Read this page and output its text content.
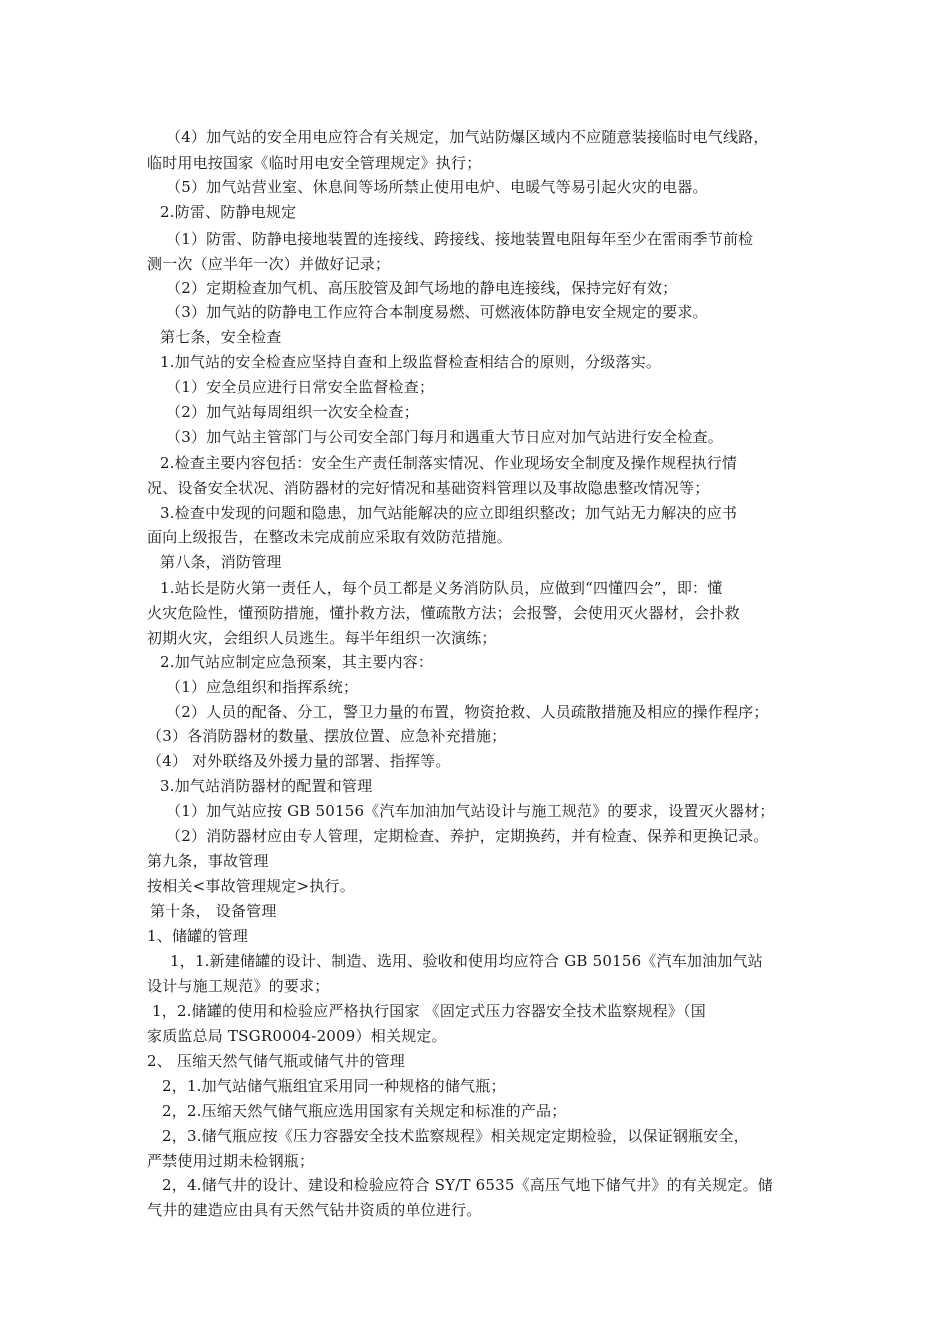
（4）加气站的安全用电应符合有关规定，加气站防爆区域内不应随意装接临时电气线路，
临时用电按国家《临时用电安全管理规定》执行；
（5）加气站营业室、休息间等场所禁止使用电炉、电暖气等易引起火灾的电器。
2.防雷、防静电规定
（1）防雷、防静电接地装置的连接线、跨接线、接地装置电阻每年至少在雷雨季节前检
测一次（应半年一次）并做好记录；
（2）定期检查加气机、高压胶管及卸气场地的静电连接线，保持完好有效；
（3）加气站的防静电工作应符合本制度易燃、可燃液体防静电安全规定的要求。
第七条，安全检查
1.加气站的安全检查应坚持自查和上级监督检查相结合的原则，分级落实。
（1）安全员应进行日常安全监督检查；
（2）加气站每周组织一次安全检查；
（3）加气站主管部门与公司安全部门每月和遇重大节日应对加气站进行安全检查。
2.检查主要内容包括：安全生产责任制落实情况、作业现场安全制度及操作规程执行情
况、设备安全状况、消防器材的完好情况和基础资料管理以及事故隐患整改情况等；
3.检查中发现的问题和隐患，加气站能解决的应立即组织整改；加气站无力解决的应书
面向上级报告，在整改未完成前应采取有效防范措施。
第八条，消防管理
1.站长是防火第一责任人，每个员工都是义务消防队员，应做到“四懂四会”，即：懂
火灾危险性，懂预防措施，懂扑救方法，懂疏散方法；会报警，会使用灭火器材，会扑救
初期火灾，会组织人员逃生。每半年组织一次演练；
2.加气站应制定应急预案，其主要内容：
（1）应急组织和指挥系统；
（2）人员的配备、分工，警卫力量的布置，物资抢救、人员疏散措施及相应的操作程序；
（3）各消防器材的数量、摆放位置、应急补充措施；
（4） 对外联络及外援力量的部署、指挥等。
3.加气站消防器材的配置和管理
（1）加气站应按 GB 50156《汽车加油加气站设计与施工规范》的要求，设置灭火器材；
（2）消防器材应由专人管理，定期检查、养护，定期换药，并有检查、保养和更换记录。
第九条，事故管理
按相关<事故管理规定>执行。
第十条， 设备管理
1、储罐的管理
1，1.新建储罐的设计、制造、选用、验收和使用均应符合 GB 50156《汽车加油加气站
设计与施工规范》的要求；
1，2.储罐的使用和检验应严格执行国家 《固定式压力容器安全技术监察规程》（国
家质监总局 TSGR0004-2009）相关规定。
2、 压缩天然气储气瓶或储气井的管理
2，1.加气站储气瓶组宜采用同一种规格的储气瓶；
2，2.压缩天然气储气瓶应选用国家有关规定和标准的产品；
2，3.储气瓶应按《压力容器安全技术监察规程》相关规定定期检验，以保证钢瓶安全，
严禁使用过期未检钢瓶；
2，4.储气井的设计、建设和检验应符合 SY/T 6535《高压气地下储气井》的有关规定。储
气井的建造应由具有天然气钻井资质的单位进行。
